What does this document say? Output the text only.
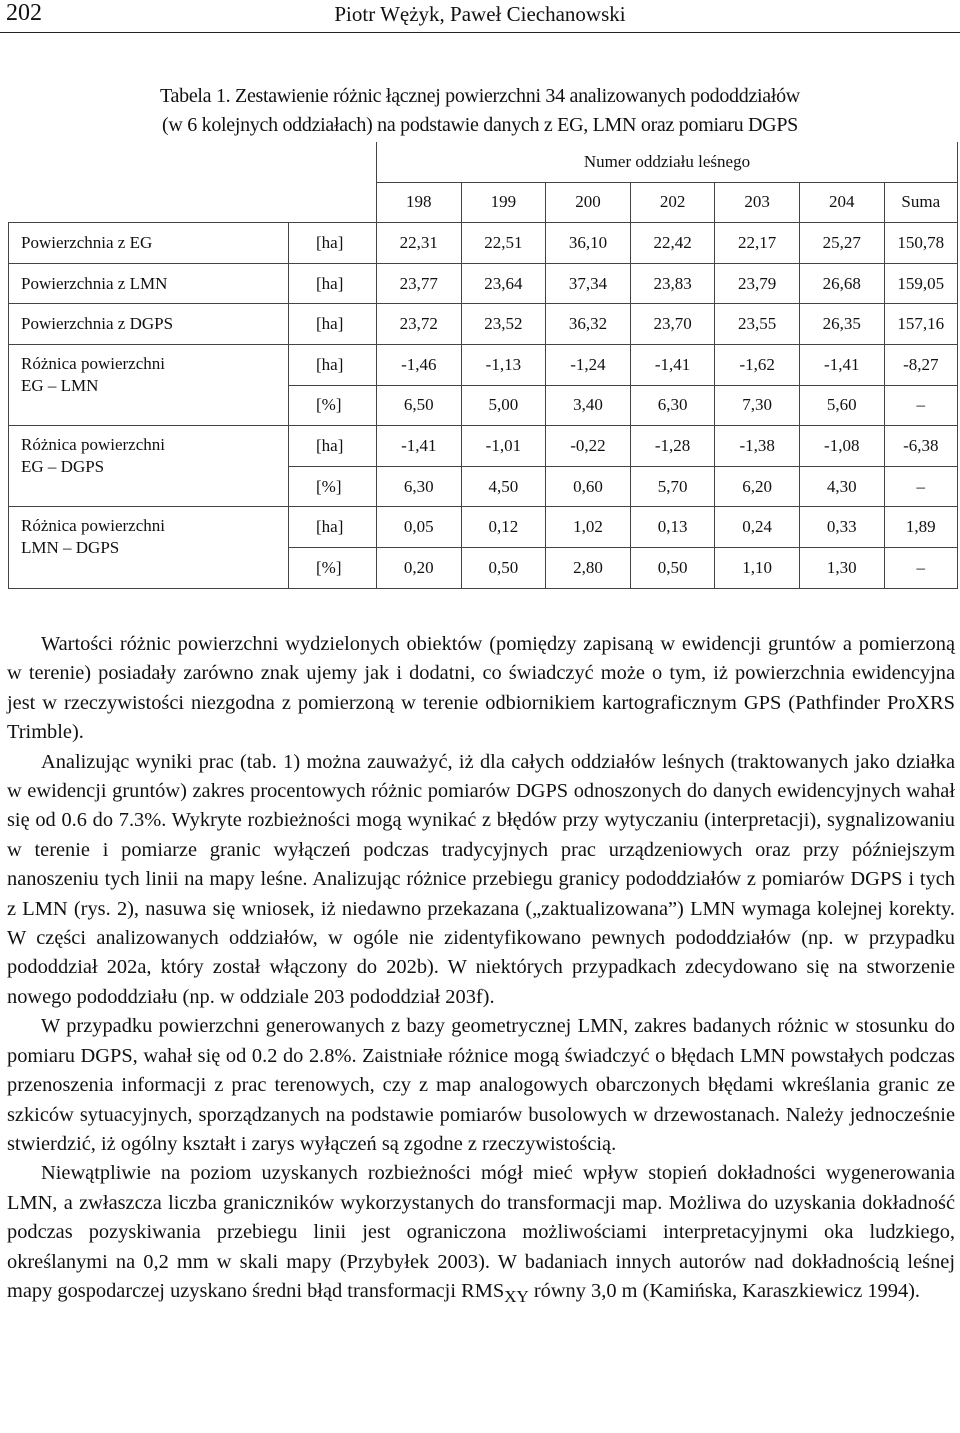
202	Piotr Wężyk, Paweł Ciechanowski
Tabela 1. Zestawienie różnic łącznej powierzchni 34 analizowanych pododdziałów
(w 6 kolejnych oddziałach) na podstawie danych z EG, LMN oraz pomiaru DGPS
		Numer oddziału leśnego						
		198	199	200	202	203	204	Suma
Powierzchnia z EG	[ha]	22,31	22,51	36,10	22,42	22,17	25,27	150,78
Powierzchnia z LMN	[ha]	23,77	23,64	37,34	23,83	23,79	26,68	159,05
Powierzchnia z DGPS	[ha]	23,72	23,52	36,32	23,70	23,55	26,35	157,16

Różnica powierzchni
EG – LMN	[ha]	-1,46	-1,13	-1,24	-1,41	-1,62	-1,41	-8,27
	[%]	6,50	5,00	3,40	6,30	7,30	5,60	–

Różnica powierzchni
EG – DGPS	[ha]	-1,41	-1,01	-0,22	-1,28	-1,38	-1,08	-6,38
	[%]	6,30	4,50	0,60	5,70	6,20	4,30	–

Różnica powierzchni
LMN – DGPS	[ha]	0,05	0,12	1,02	0,13	0,24	0,33	1,89
	[%]	0,20	0,50	2,80	0,50	1,10	1,30	–

Wartości różnic powierzchni wydzielonych obiektów (pomiędzy zapisaną w ewidencji gruntów a pomierzoną w terenie) posiadały zarówno znak ujemy jak i dodatni, co świadczyć może o tym, iż powierzchnia ewidencyjna jest w rzeczywistości niezgodna z pomierzoną w terenie odbiornikiem kartograficznym GPS (Pathfinder ProXRS Trimble).

Analizując wyniki prac (tab. 1) można zauważyć, iż dla całych oddziałów leśnych (traktowanych jako działka w ewidencji gruntów) zakres procentowych różnic pomiarów DGPS odnoszonych do danych ewidencyjnych wahał się od 0.6 do 7.3%. Wykryte rozbieżności mogą wynikać z błędów przy wytyczaniu (interpretacji), sygnalizowaniu w terenie i pomiarze granic wyłączeń podczas tradycyjnych prac urządzeniowych oraz przy późniejszym nanoszeniu tych linii na mapy leśne. Analizując różnice przebiegu granicy pododdziałów z pomiarów DGPS i tych z LMN (rys. 2), nasuwa się wniosek, iż niedawno przekazana („zaktualizowana”) LMN wymaga kolejnej korekty. W części analizowanych oddziałów, w ogóle nie zidentyfikowano pewnych pododdziałów (np. w przypadku pododdział 202a, który został włączony do 202b). W niektórych przypadkach zdecydowano się na stworzenie nowego pododdziału (np. w oddziale 203 pododdział 203f).

W przypadku powierzchni generowanych z bazy geometrycznej LMN, zakres badanych różnic w stosunku do pomiaru DGPS, wahał się od 0.2 do 2.8%. Zaistniałe różnice mogą świadczyć o błędach LMN powstałych podczas przenoszenia informacji z prac terenowych, czy z map analogowych obarczonych błędami wkreślania granic ze szkiców sytuacyjnych, sporządzanych na podstawie pomiarów busolowych w drzewostanach. Należy jednocześnie stwierdzić, iż ogólny kształt i zarys wyłączeń są zgodne z rzeczywistością.

Niewątpliwie na poziom uzyskanych rozbieżności mógł mieć wpływ stopień dokładności wygenerowania LMN, a zwłaszcza liczba graniczników wykorzystanych do transformacji map. Możliwa do uzyskania dokładność podczas pozyskiwania przebiegu linii jest ograniczona możliwościami interpretacyjnymi oka ludzkiego, określanymi na 0,2 mm w skali mapy (Przybyłek 2003). W badaniach innych autorów nad dokładnością leśnej mapy gospodarczej uzyskano średni błąd transformacji $RMS_{XY}$ równy 3,0 m (Kamińska, Karaszkiewicz 1994).
